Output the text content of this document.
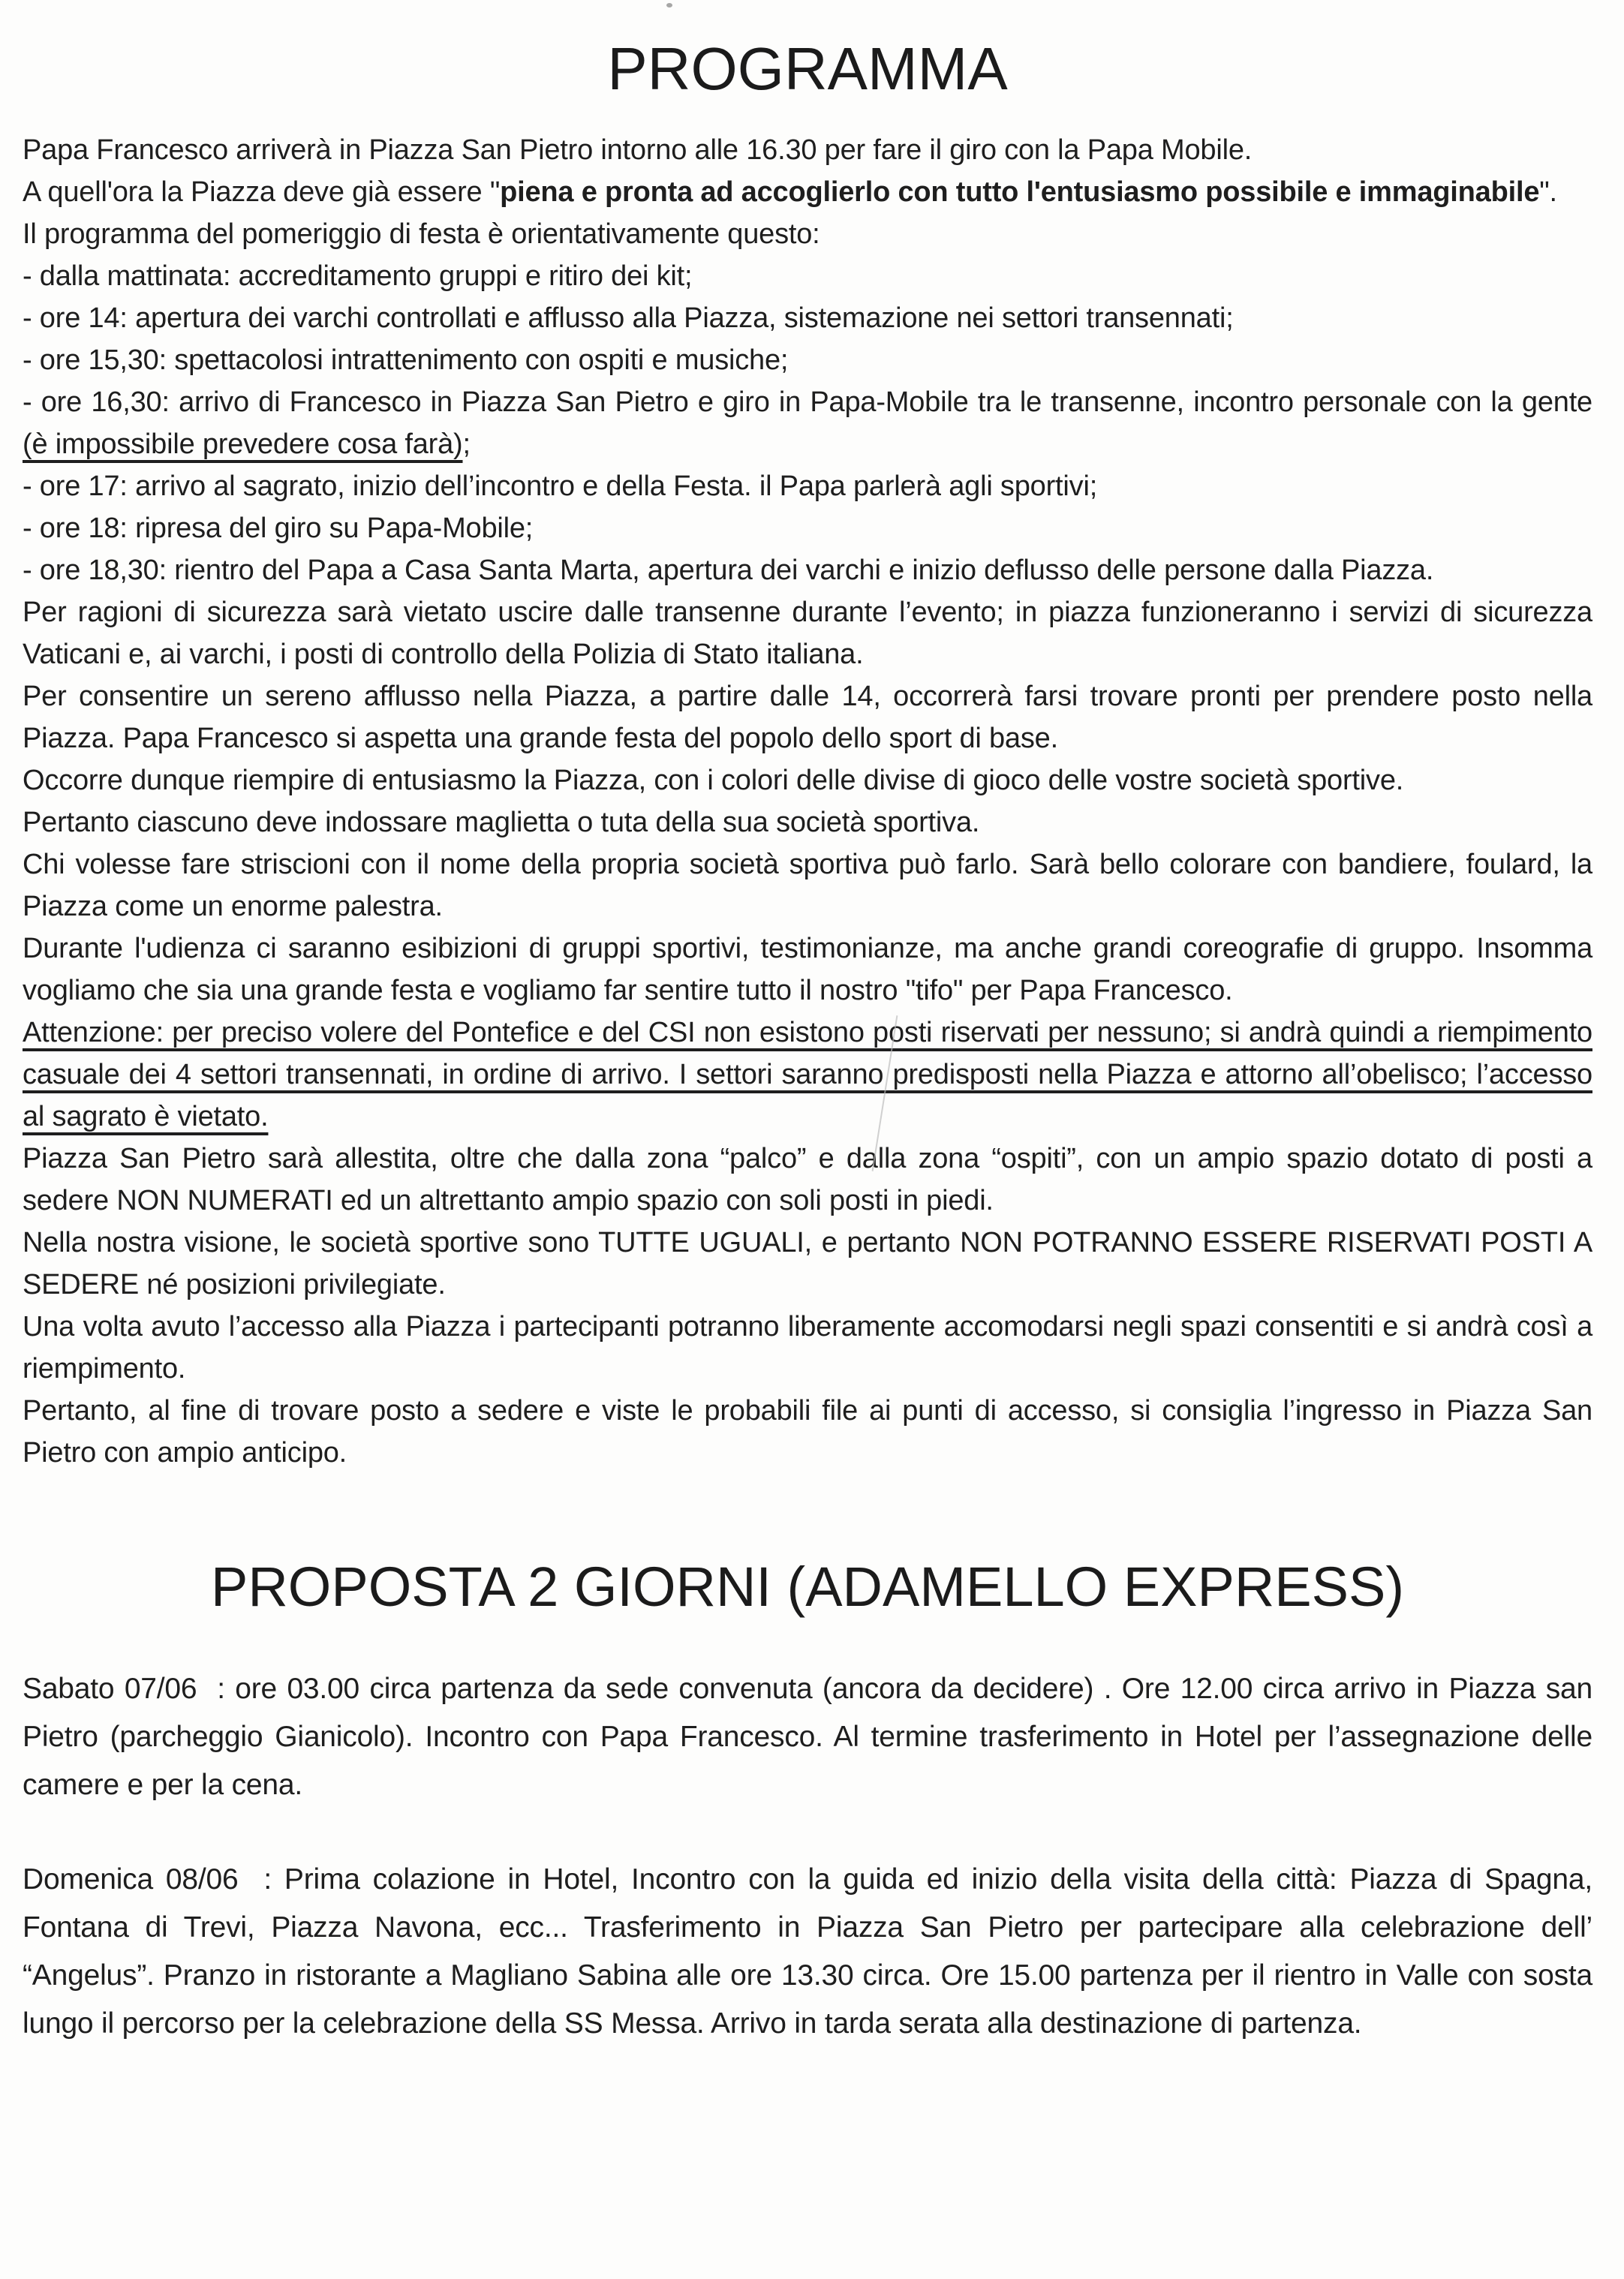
PROGRAMMA

Papa Francesco arriverà in Piazza San Pietro intorno alle 16.30 per fare il giro con la Papa Mobile.

A quell'ora la Piazza deve già essere "piena e pronta ad accoglierlo con tutto l'entusiasmo possibile e immaginabile".

Il programma del pomeriggio di festa è orientativamente questo:

- dalla mattinata: accreditamento gruppi e ritiro dei kit;

- ore 14: apertura dei varchi controllati e afflusso alla Piazza, sistemazione nei settori transennati;

- ore 15,30: spettacolosi intrattenimento con ospiti e musiche;

- ore 16,30: arrivo di Francesco in Piazza San Pietro e giro in Papa-Mobile tra le transenne, incontro personale con la gente (è impossibile prevedere cosa farà);

- ore 17: arrivo al sagrato, inizio dell’incontro e della Festa. il Papa parlerà agli sportivi;

- ore 18: ripresa del giro su Papa-Mobile;

- ore 18,30: rientro del Papa a Casa Santa Marta, apertura dei varchi e inizio deflusso delle persone dalla Piazza.

Per ragioni di sicurezza sarà vietato uscire dalle transenne durante l’evento; in piazza funzioneranno i servizi di sicurezza Vaticani e, ai varchi, i posti di controllo della Polizia di Stato italiana.

Per consentire un sereno afflusso nella Piazza, a partire dalle 14, occorrerà farsi trovare pronti per prendere posto nella Piazza. Papa Francesco si aspetta una grande festa del popolo dello sport di base.

Occorre dunque riempire di entusiasmo la Piazza, con i colori delle divise di gioco delle vostre società sportive.

Pertanto ciascuno deve indossare maglietta o tuta della sua società sportiva.

Chi volesse fare striscioni con il nome della propria società sportiva può farlo. Sarà bello colorare con bandiere, foulard, la Piazza come un enorme palestra.

Durante l'udienza ci saranno esibizioni di gruppi sportivi, testimonianze, ma anche grandi coreografie di gruppo. Insomma vogliamo che sia una grande festa e vogliamo far sentire tutto il nostro "tifo" per Papa Francesco.

Attenzione: per preciso volere del Pontefice e del CSI non esistono posti riservati per nessuno; si andrà quindi a riempimento casuale dei 4 settori transennati, in ordine di arrivo. I settori saranno predisposti nella Piazza e attorno all’obelisco; l’accesso al sagrato è vietato.

Piazza San Pietro sarà allestita, oltre che dalla zona “palco” e dalla zona “ospiti”, con un ampio spazio dotato di posti a sedere NON NUMERATI ed un altrettanto ampio spazio con soli posti in piedi.

Nella nostra visione, le società sportive sono TUTTE UGUALI, e pertanto NON POTRANNO ESSERE RISERVATI POSTI A SEDERE né posizioni privilegiate.

Una volta avuto l’accesso alla Piazza i partecipanti potranno liberamente accomodarsi negli spazi consentiti e si andrà così a riempimento.

Pertanto, al fine di trovare posto a sedere e viste le probabili file ai punti di accesso, si consiglia l’ingresso in Piazza San Pietro con ampio anticipo.

PROPOSTA 2 GIORNI (ADAMELLO EXPRESS)

Sabato 07/06  : ore 03.00 circa partenza da sede convenuta (ancora da decidere) . Ore 12.00 circa arrivo in Piazza san Pietro (parcheggio Gianicolo). Incontro con Papa Francesco. Al termine trasferimento in Hotel per l’assegnazione delle camere e per la cena.

Domenica 08/06  : Prima colazione in Hotel, Incontro con la guida ed inizio della visita della città: Piazza di Spagna, Fontana di Trevi, Piazza Navona, ecc... Trasferimento in Piazza San Pietro per partecipare alla celebrazione dell’ “Angelus”. Pranzo in ristorante a Magliano Sabina alle ore 13.30 circa. Ore 15.00 partenza per il rientro in Valle con sosta lungo il percorso per la celebrazione della SS Messa. Arrivo in tarda serata alla destinazione di partenza.
